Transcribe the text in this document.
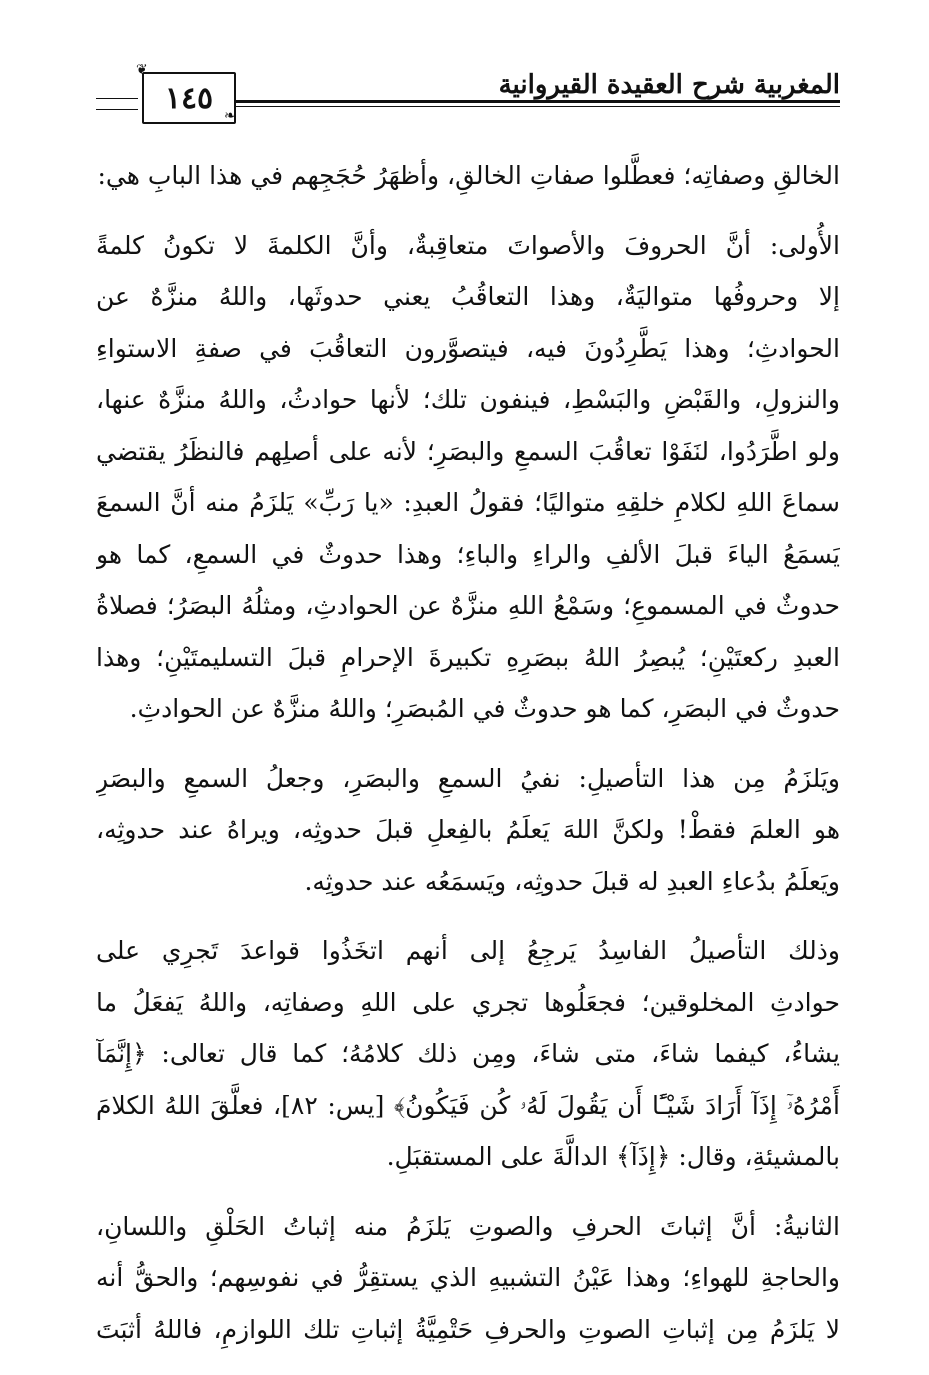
المغربية شرح العقيدة القيروانية
١٤٥
❦
❧
الخالقِ وصفاتِه؛ فعطَّلوا صفاتِ الخالقِ، وأظهَرُ حُجَجِهم في هذا البابِ هي:
الأُولى: أنَّ الحروفَ والأصواتَ متعاقِبةٌ، وأنَّ الكلمةَ لا تكونُ كلمةً
إلا وحروفُها متواليَةٌ، وهذا التعاقُبُ يعني حدوثَها، واللهُ منزَّهٌ عن
الحوادثِ؛ وهذا يَطَّرِدُونَ فيه، فيتصوَّرون التعاقُبَ في صفةِ الاستواءِ
والنزولِ، والقَبْضِ والبَسْطِ، فينفون تلك؛ لأنها حوادثُ، واللهُ منزَّهٌ عنها،
ولو اطَّرَدُوا، لنَفَوْا تعاقُبَ السمعِ والبصَرِ؛ لأنه على أصلِهم فالنظَرُ يقتضي
سماعَ اللهِ لكلامِ خلقِهِ متواليًا؛ فقولُ العبدِ: «يا رَبِّ» يَلزَمُ منه أنَّ السمعَ
يَسمَعُ الياءَ قبلَ الألفِ والراءِ والباءِ؛ وهذا حدوثٌ في السمعِ، كما هو
حدوثٌ في المسموعِ؛ وسَمْعُ اللهِ منزَّهٌ عن الحوادثِ، ومثلُهُ البصَرُ؛ فصلاةُ
العبدِ ركعتَيْنِ؛ يُبصِرُ اللهُ ببصَرِهِ تكبيرةَ الإحرامِ قبلَ التسليمتَيْنِ؛ وهذا
حدوثٌ في البصَرِ، كما هو حدوثٌ في المُبصَرِ؛ واللهُ منزَّهٌ عن الحوادثِ.
ويَلزَمُ مِن هذا التأصيلِ: نفيُ السمعِ والبصَرِ، وجعلُ السمعِ والبصَرِ
هو العلمَ فقطْ! ولكنَّ اللهَ يَعلَمُ بالفِعلِ قبلَ حدوثِه، ويراهُ عند حدوثِه،
ويَعلَمُ بدُعاءِ العبدِ له قبلَ حدوثِه، ويَسمَعُه عند حدوثِه.
وذلك التأصيلُ الفاسِدُ يَرجِعُ إلى أنهم اتخَذُوا قواعدَ تَجرِي على
حوادثِ المخلوقين؛ فجعَلُوها تجري على اللهِ وصفاتِه، واللهُ يَفعَلُ ما
يشاءُ، كيفما شاءَ، متى شاءَ، ومِن ذلك كلامُهُ؛ كما قال تعالى: ﴿إِنَّمَآ
أَمْرُهُۥٓ إِذَآ أَرَادَ شَيْـًٔا أَن يَقُولَ لَهُۥ كُن فَيَكُونُ﴾ [يس: ٨٢]، فعلَّقَ اللهُ الكلامَ
بالمشيئةِ، وقال: ﴿إِذَآ﴾ الدالَّةَ على المستقبَلِ.
الثانيةُ: أنَّ إثباتَ الحرفِ والصوتِ يَلزَمُ منه إثباتُ الحَلْقِ واللسانِ،
والحاجةِ للهواءِ؛ وهذا عَيْنُ التشبيهِ الذي يستقِرُّ في نفوسِهم؛ والحقُّ أنه
لا يَلزَمُ مِن إثباتِ الصوتِ والحرفِ حَتْمِيَّةُ إثباتِ تلك اللوازمِ، فاللهُ أثبَتَ
